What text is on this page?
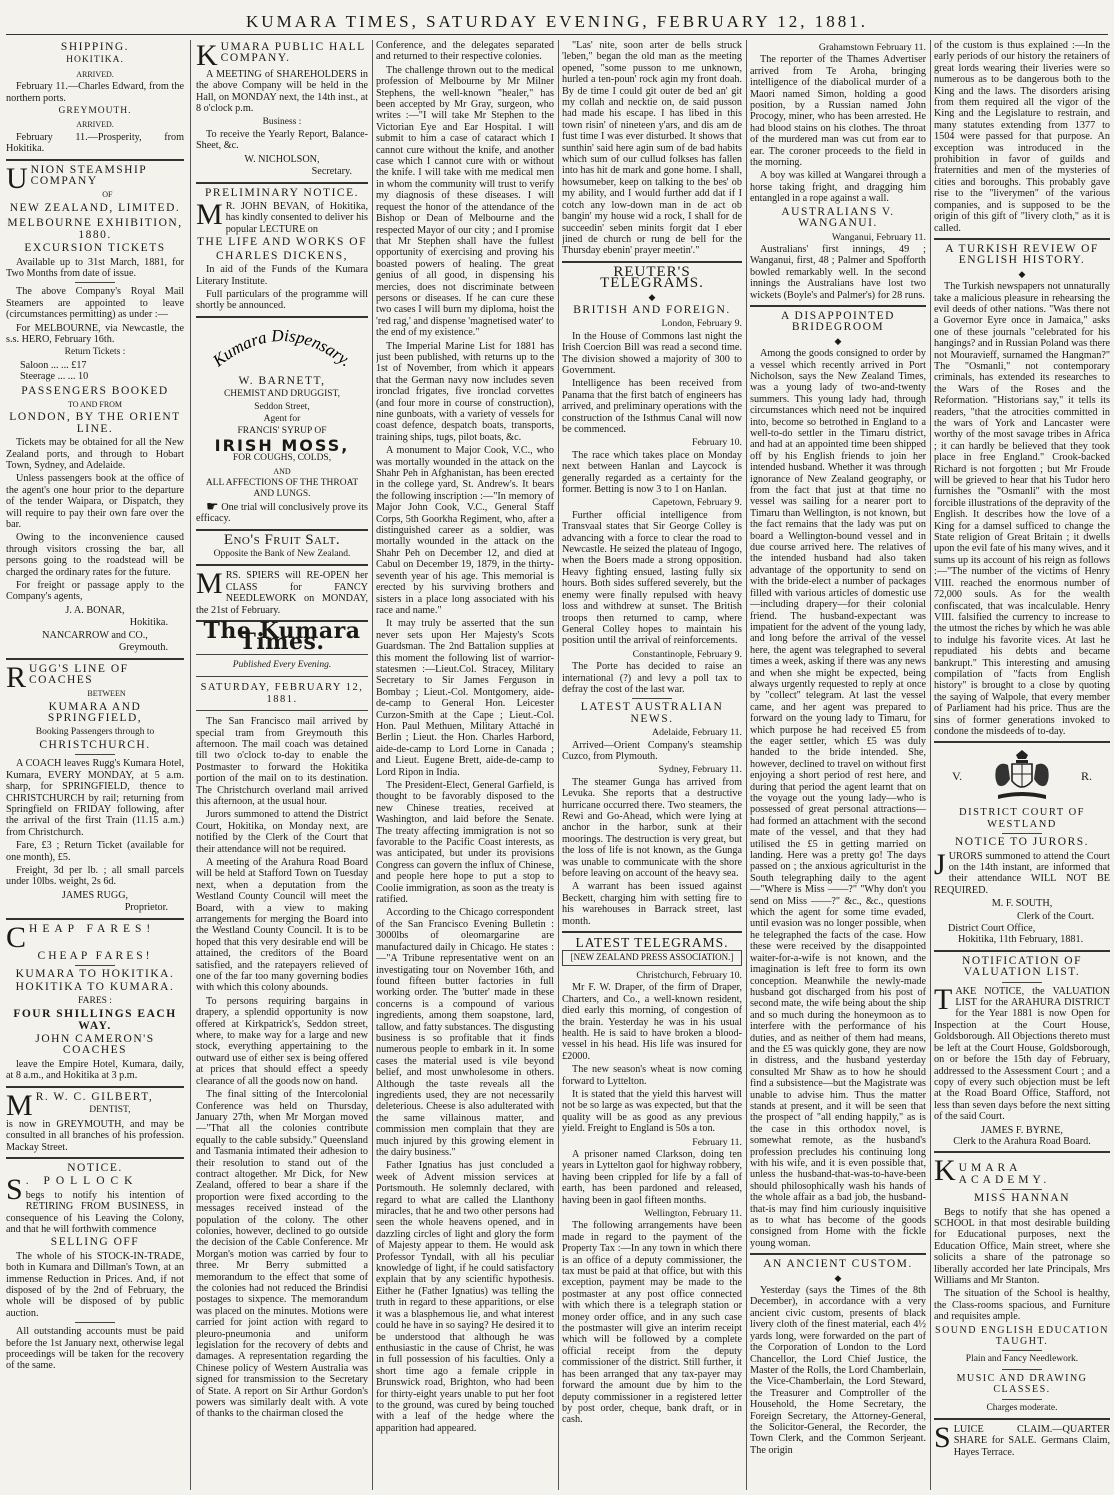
KUMARA TIMES, SATURDAY EVENING, FEBRUARY 12, 1881.
SHIPPING.
HOKITIKA.
ARRIVED.

February 11.—Charles Edward, from the northern ports.

GREYMOUTH.
ARRIVED.

February 11.—Prosperity, from Hokitika.

U NION STEAMSHIP COMPANY
OF
NEW ZEALAND, LIMITED.
MELBOURNE EXHIBITION, 1880.
EXCURSION TICKETS

Available up to 31st March, 1881, for Two Months from date of issue.

The above Company's Royal Mail Steamers are appointed to leave (circumstances permitting) as under :—

For MELBOURNE, via Newcastle, the s.s. HERO, February 16th.

Return Tickets :
Saloon ... ... £17
Steerage ... ... 10
PASSENGERS BOOKED
TO AND FROM
LONDON, BY THE ORIENT LINE.

Tickets may be obtained for all the New Zealand ports, and through to Hobart Town, Sydney, and Adelaide.

Unless passengers book at the office of the agent's one hour prior to the departure of the tender Waipara, or Dispatch, they will require to pay their own fare over the bar.

Owing to the inconvenience caused through visitors crossing the bar, all persons going to the roadstead will be charged the ordinary rates for the future.

For freight or passage apply to the Company's agents,

J. A. BONAR,
Hokitika.
NANCARROW and CO.,
Greymouth.
R UGG'S LINE OF COACHES
BETWEEN
KUMARA AND SPRINGFIELD,
Booking Passengers through to
CHRISTCHURCH.

A COACH leaves Rugg's Kumara Hotel, Kumara, EVERY MONDAY, at 5 a.m. sharp, for SPRINGFIELD, thence to CHRISTCHURCH by rail; returning from Springfield on FRIDAY following, after the arrival of the first Train (11.15 a.m.) from Christchurch.

Fare, £3 ; Return Ticket (available for one month), £5.

Freight, 3d per lb. ; all small parcels under 10lbs. weight, 2s 6d.

JAMES RUGG,
Proprietor.
C HEAP FARES!
CHEAP FARES!
KUMARA TO HOKITIKA.
HOKITIKA TO KUMARA.
FARES :
FOUR SHILLINGS EACH WAY.
JOHN CAMERON'S COACHES

leave the Empire Hotel, Kumara, daily, at 8 a.m., and Hokitika at 3 p.m.

M R. W. C. GILBERT,
DENTIST,

is now in GREYMOUTH, and may be consulted in all branches of his profession. Mackay Street.

NOTICE.
S . POLLOCK

begs to notify his intention of RETIRING FROM BUSINESS, in consequence of his Leaving the Colony, and that he will forthwith commence

SELLING OFF

The whole of his STOCK-IN-TRADE, both in Kumara and Dillman's Town, at an immense Reduction in Prices. And, if not disposed of by the 2nd of February, the whole will be disposed of by public auction.

All outstanding accounts must be paid before the 1st January next, otherwise legal proceedings will be taken for the recovery of the same.

K UMARA PUBLIC HALL COMPANY.

A MEETING of SHAREHOLDERS in the above Company will be held in the Hall, on MONDAY next, the 14th inst., at 8 o'clock p.m.

Business :

To receive the Yearly Report, Balance-Sheet, &c.

W. NICHOLSON,
Secretary.
PRELIMINARY NOTICE.
M R. JOHN BEVAN, of Hokitika, has kindly consented to deliver his popular LECTURE on

THE LIFE AND WORKS OF
CHARLES DICKENS,

In aid of the Funds of the Kumara Literary Institute.

Full particulars of the programme will shortly be announced.

Kumara Dispensary.
W. BARNETT,
CHEMIST AND DRUGGIST,
Seddon Street,
Agent for
FRANCIS' SYRUP OF
IRISH MOSS,
FOR COUGHS, COLDS,
AND
ALL AFFECTIONS OF THE THROAT AND LUNGS.

☛ One trial will conclusively prove its efficacy.

Eno's Fruit Salt.
Opposite the Bank of New Zealand.
M RS. SPIERS will RE-OPEN her CLASS for FANCY NEEDLEWORK on MONDAY, the 21st of February.

The Kumara Times.
Published Every Evening.
SATURDAY, FEBRUARY 12, 1881.

The San Francisco mail arrived by special tram from Greymouth this afternoon. The mail coach was detained till two o'clock to-day to enable the Postmaster to forward the Hokitika portion of the mail on to its destination. The Christchurch overland mail arrived this afternoon, at the usual hour.

Jurors summoned to attend the District Court, Hokitika, on Monday next, are notified by the Clerk of the Court that their attendance will not be required.

A meeting of the Arahura Road Board will be held at Stafford Town on Tuesday next, when a deputation from the Westland County Council will meet the Board, with a view to making arrangements for merging the Board into the Westland County Council. It is to be hoped that this very desirable end will be attained, the creditors of the Board satisfied, and the ratepayers relieved of one of the far too many governing bodies with which this colony abounds.

To persons requiring bargains in drapery, a splendid opportunity is now offered at Kirkpatrick's, Seddon street, where, to make way for a large and new stock, everything appertaining to the outward use of either sex is being offered at prices that should effect a speedy clearance of all the goods now on hand.

The final sitting of the Intercolonial Conference was held on Thursday, January 27th, when Mr Morgan moved—"That all the colonies contribute equally to the cable subsidy." Queensland and Tasmania intimated their adhesion to their resolution to stand out of the contract altogether. Mr Dick, for New Zealand, offered to bear a share if the proportion were fixed according to the messages received instead of the population of the colony. The other colonies, however, declined to go outside the decision of the Cable Conference. Mr Morgan's motion was carried by four to three. Mr Berry submitted a memorandum to the effect that some of the colonies had not reduced the Brindisi postages to sixpence. The memorandum was placed on the minutes. Motions were carried for joint action with regard to pleuro-pneumonia and uniform legislation for the recovery of debts and damages. A representation regarding the Chinese policy of Western Australia was signed for transmission to the Secretary of State. A report on Sir Arthur Gordon's powers was similarly dealt with. A vote of thanks to the chairman closed the

Conference, and the delegates separated and returned to their respective colonies.

The challenge thrown out to the medical profession of Melbourne by Mr Milner Stephens, the well-known "healer," has been accepted by Mr Gray, surgeon, who writes :—"I will take Mr Stephen to the Victorian Eye and Ear Hospital. I will submit to him a case of cataract which I cannot cure without the knife, and another case which I cannot cure with or without the knife. I will take with me medical men in whom the community will trust to verify my diagnosis of these diseases. I will request the honor of the attendance of the Bishop or Dean of Melbourne and the respected Mayor of our city ; and I promise that Mr Stephen shall have the fullest opportunity of exercising and proving his boasted powers of healing. The great genius of all good, in dispensing his mercies, does not discriminate between persons or diseases. If he can cure these two cases I will burn my diploma, hoist the 'red rag,' and dispense 'magnetised water' to the end of my existence."

The Imperial Marine List for 1881 has just been published, with returns up to the 1st of November, from which it appears that the German navy now includes seven ironclad frigates, five ironclad corvettes (and four more in course of construction), nine gunboats, with a variety of vessels for coast defence, despatch boats, transports, training ships, tugs, pilot boats, &c.

A monument to Major Cook, V.C., who was mortally wounded in the attack on the Shahr Peh in Afghanistan, has been erected in the college yard, St. Andrew's. It bears the following inscription :—"In memory of Major John Cook, V.C., General Staff Corps, 5th Goorkha Regiment, who, after a distinguished career as a soldier, was mortally wounded in the attack on the Shahr Peh on December 12, and died at Cabul on December 19, 1879, in the thirty-seventh year of his age. This memorial is erected by his surviving brothers and sisters in a place long associated with his race and name."

It may truly be asserted that the sun never sets upon Her Majesty's Scots Guardsman. The 2nd Battalion supplies at this moment the following list of warrior-statesmen :—Lieut.Col. Stracey, Military Secretary to Sir James Ferguson in Bombay ; Lieut.-Col. Montgomery, aide-de-camp to General Hon. Leicester Curzon-Smith at the Cape ; Lieut.-Col. Hon. Paul Methuen, Military Attaché in Berlin ; Lieut. the Hon. Charles Harbord, aide-de-camp to Lord Lorne in Canada ; and Lieut. Eugene Brett, aide-de-camp to Lord Ripon in India.

The President-Elect, General Garfield, is thought to be favorably disposed to the new Chinese treaties, received at Washington, and laid before the Senate. The treaty affecting immigration is not so favorable to the Pacific Coast interests, as was anticipated, but under its provisions Congress can govern the influx of Chinese, and people here hope to put a stop to Coolie immigration, as soon as the treaty is ratified.

According to the Chicago correspondent of the San Francisco Evening Bulletin : 3000lbs of oleomargarine are manufactured daily in Chicago. He states :—"A Tribune representative went on an investigating tour on November 16th, and found fifteen butter factories in full working order. The 'butter' made in these concerns is a compound of various ingredients, among them soapstone, lard, tallow, and fatty substances. The disgusting business is so profitable that it finds numerous people to embark in it. In some cases the material used is vile beyond belief, and most unwholesome in others. Although the taste reveals all the ingredients used, they are not necessarily deleterious. Cheese is also adulterated with the same villainous matter, and commission men complain that they are much injured by this growing element in the dairy business."

Father Ignatius has just concluded a week of Advent mission services at Portsmouth. He solemnly declared, with regard to what are called the Llanthony miracles, that he and two other persons had seen the whole heavens opened, and in dazzling circles of light and glory the form of Majesty appear to them. He would ask Professor Tyndall, with all his peculiar knowledge of light, if he could satisfactory explain that by any scientific hypothesis. Either he (Father Ignatius) was telling the truth in regard to these apparitions, or else it was a blasphemous lie, and what interest could he have in so saying? He desired it to be understood that although he was enthusiastic in the cause of Christ, he was in full possession of his faculties. Only a short time ago a female cripple in Brunswick road, Brighton, who had been for thirty-eight years unable to put her foot to the ground, was cured by being touched with a leaf of the hedge where the apparition had appeared.

"Las' nite, soon arter de bells struck 'leben," began the old man as the meeting opened, "some pusson to me unknown, hurled a ten-poun' rock agin my front doah. By de time I could git outer de bed an' git my collah and necktie on, de said pusson had made his escape. I has libed in this town risin' of nineteen y'ars, and dis am de fust time I was ever disturbed. It shows that sunthin' said here agin sum of de bad habits which sum of our cullud folkses has fallen into has hit de mark and gone home. I shall, howsumeber, keep on talking to the bes' ob my ability, and I would further add dat if I cotch any low-down man in de act ob bangin' my house wid a rock, I shall for de succeedin' seben minits forgit dat I eber jined de church or rung de bell for the Thursday ebenin' prayer meetin'."

REUTER'S TELEGRAMS.
◆
BRITISH AND FOREIGN.
London, February 9.

In the House of Commons last night the Irish Coercion Bill was read a second time. The division showed a majority of 300 to Government.

Intelligence has been received from Panama that the first batch of engineers has arrived, and preliminary operations with the construction of the Isthmus Canal will now be commenced.

February 10.

The race which takes place on Monday next between Hanlan and Laycock is generally regarded as a certainty for the former. Betting is now 3 to 1 on Hanlan.

Capetown, February 9.

Further official intelligence from Transvaal states that Sir George Colley is advancing with a force to clear the road to Newcastle. He seized the plateau of Ingogo, when the Boers made a strong opposition. Heavy fighting ensued, lasting fully six hours. Both sides suffered severely, but the enemy were finally repulsed with heavy loss and withdrew at sunset. The British troops then returned to camp, where General Colley hopes to maintain his position until the arrival of reinforcements.

Constantinople, February 9.

The Porte has decided to raise an international (?) and levy a poll tax to defray the cost of the last war.

LATEST AUSTRALIAN NEWS.
Adelaide, February 11.

Arrived—Orient Company's steamship Cuzco, from Plymouth.

Sydney, February 11.

The steamer Gunga has arrived from Levuka. She reports that a destructive hurricane occurred there. Two steamers, the Rewi and Go-Ahead, which were lying at anchor in the harbor, sunk at their moorings. The destruction is very great, but the loss of life is not known, as the Gunga was unable to communicate with the shore before leaving on account of the heavy sea.

A warrant has been issued against Beckett, charging him with setting fire to his warehouses in Barrack street, last month.

LATEST TELEGRAMS.
[NEW ZEALAND PRESS ASSOCIATION.]
Christchurch, February 10.

Mr F. W. Draper, of the firm of Draper, Charters, and Co., a well-known resident, died early this morning, of congestion of the brain. Yesterday he was in his usual health. He is said to have broken a blood-vessel in his head. His life was insured for £2000.

The new season's wheat is now coming forward to Lyttelton.

It is stated that the yield this harvest will not be so large as was expected, but that the quality will be as good as any previous yield. Freight to England is 50s a ton.

February 11.

A prisoner named Clarkson, doing ten years in Lyttelton gaol for highway robbery, having been crippled for life by a fall of earth, has been pardoned and released, having been in gaol fifteen months.

Wellington, February 11.

The following arrangements have been made in regard to the payment of the Property Tax :—In any town in which there is an office of a deputy commissioner, the tax must be paid at that office, but with this exception, payment may be made to the postmaster at any post office connected with which there is a telegraph station or money order office, and in any such case the postmaster will give an interim receipt which will be followed by a complete official receipt from the deputy commissioner of the district. Still further, it has been arranged that any tax-payer may forward the amount due by him to the deputy commissioner in a registered letter by post order, cheque, bank draft, or in cash.

Grahamstown February 11.

The reporter of the Thames Advertiser arrived from Te Aroha, bringing intelligence of the diabolical murder of a Maori named Simon, holding a good position, by a Russian named John Procogy, miner, who has been arrested. He had blood stains on his clothes. The throat of the murdered man was cut from ear to ear. The coroner proceeds to the field in the morning.

A boy was killed at Wangarei through a horse taking fright, and dragging him entangled in a rope against a wall.

AUSTRALIANS V. WANGANUI.
Wanganui, February 11.

Australians' first innings, 49 ; Wanganui, first, 48 ; Palmer and Spofforth bowled remarkably well. In the second innings the Australians have lost two wickets (Boyle's and Palmer's) for 28 runs.

A DISAPPOINTED BRIDEGROOM
◆

Among the goods consigned to order by a vessel which recently arrived in Port Nicholson, says the New Zealand Times, was a young lady of two-and-twenty summers. This young lady had, through circumstances which need not be inquired into, become so betrothed in England to a well-to-do settler in the Timaru district, and had at an appointed time been shipped off by his English friends to join her intended husband. Whether it was through ignorance of New Zealand geography, or from the fact that just at that time no vessel was sailing for a nearer port to Timaru than Wellington, is not known, but the fact remains that the lady was put on board a Wellington-bound vessel and in due course arrived here. The relatives of the intended husband had also taken advantage of the opportunity to send on with the bride-elect a number of packages filled with various articles of domestic use—including drapery—for their colonial friend. The husband-expectant was impatient for the advent of the young lady, and long before the arrival of the vessel here, the agent was telegraphed to several times a week, asking if there was any news and when she might be expected, being always urgently requested to reply at once by "collect" telegram. At last the vessel came, and her agent was prepared to forward on the young lady to Timaru, for which purpose he had received £5 from the eager settler, which £5 was duly handed to the bride intended. She, however, declined to travel on without first enjoying a short period of rest here, and during that period the agent learnt that on the voyage out the young lady—who is possessed of great personal attractions—had formed an attachment with the second mate of the vessel, and that they had utilised the £5 in getting married on landing. Here was a pretty go! The days passed on ; the anxious agriculturist in the South telegraphing daily to the agent—"Where is Miss ——?" "Why don't you send on Miss ——?" &c., &c., questions which the agent for some time evaded, until evasion was no longer possible, when he telegraphed the facts of the case. How these were received by the disappointed waiter-for-a-wife is not known, and the imagination is left free to form its own conception. Meanwhile the newly-made husband got discharged from his post of second mate, the wife being about the ship and so much during the honeymoon as to interfere with the performance of his duties, and as neither of them had means, and the £5 was quickly gone, they are now in distress, and the husband yesterday consulted Mr Shaw as to how he should find a subsistence—but the Magistrate was unable to advise him. Thus the matter stands at present, and it will be seen that the prospect of "all ending happily," as is the case in this orthodox novel, is somewhat remote, as the husband's profession precludes his continuing long with his wife, and it is even possible that, unless the husband-that-was-to-have-been should philosophically wash his hands of the whole affair as a bad job, the husband-that-is may find him curiously inquisitive as to what has become of the goods consigned from Home with the fickle young woman.

AN ANCIENT CUSTOM.
◆

Yesterday (says the Times of the 8th December), in accordance with a very ancient civic custom, presents of black livery cloth of the finest material, each 4½ yards long, were forwarded on the part of the Corporation of London to the Lord Chancellor, the Lord Chief Justice, the Master of the Rolls, the Lord Chamberlain, the Vice-Chamberlain, the Lord Steward, the Treasurer and Comptroller of the Household, the Home Secretary, the Foreign Secretary, the Attorney-General, the Solicitor-General, the Recorder, the Town Clerk, and the Common Serjeant. The origin

of the custom is thus explained :—In the early periods of our history the retainers of great lords wearing their liveries were so numerous as to be dangerous both to the King and the laws. The disorders arising from them required all the vigor of the King and the Legislature to restrain, and many statutes extending from 1377 to 1504 were passed for that purpose. An exception was introduced in the prohibition in favor of guilds and fraternities and men of the mysteries of cities and boroughs. This probably gave rise to the "liverymen" of the various companies, and is supposed to be the origin of this gift of "livery cloth," as it is called.

A TURKISH REVIEW OF ENGLISH HISTORY.
◆

The Turkish newspapers not unnaturally take a malicious pleasure in rehearsing the evil deeds of other nations. "Was there not a Governor Eyre once in Jamaica," asks one of these journals "celebrated for his hangings? and in Russian Poland was there not Mouravieff, surnamed the Hangman?" The "Osmanli," not contemporary criminals, has extended its researches to the Wars of the Roses and the Reformation. "Historians say," it tells its readers, "that the atrocities committed in the wars of York and Lancaster were worthy of the most savage tribes in Africa ; it can hardly be believed that they took place in free England." Crook-backed Richard is not forgotten ; but Mr Froude will be grieved to hear that his Tudor hero furnishes the "Osmanli" with the most forcible illustrations of the depravity of the English. It describes how the love of a King for a damsel sufficed to change the State religion of Great Britain ; it dwells upon the evil fate of his many wives, and it sums up its account of his reign as follows :—"The number of the victims of Henry VIII. reached the enormous number of 72,000 souls. As for the wealth confiscated, that was incalculable. Henry VIII. falsified the currency to increase to the utmost the riches by which he was able to indulge his favorite vices. At last he repudiated his debts and became bankrupt." This interesting and amusing compilation of "facts from English history" is brought to a close by quoting the saying of Walpole, that every member of Parliament had his price. Thus are the sins of former generations invoked to condone the misdeeds of to-day.

V.	R.
DISTRICT COURT OF WESTLAND
NOTICE TO JURORS.
J URORS summoned to attend the Court on the 14th instant, are informed that their attendance WILL NOT BE REQUIRED.

M. F. SOUTH,
Clerk of the Court.
District Court Office,
Hokitika, 11th February, 1881.
NOTIFICATION OF VALUATION LIST.
T AKE NOTICE, the VALUATION LIST for the ARAHURA DISTRICT for the Year 1881 is now Open for Inspection at the Court House, Goldsborough. All Objections thereto must be left at the Court House, Goldsborough, on or before the 15th day of February, addressed to the Assessment Court ; and a copy of every such objection must be left at the Road Board Office, Stafford, not less than seven days before the next sitting of the said Court.

JAMES F. BYRNE,
Clerk to the Arahura Road Board.
K UMARA ACADEMY.
MISS HANNAN

Begs to notify that she has opened a SCHOOL in that most desirable building for Educational purposes, next the Education Office, Main street, where she solicits a share of the patronage so liberally accorded her late Principals, Mrs Williams and Mr Stanton.

The situation of the School is healthy, the Class-rooms spacious, and Furniture and requisites ample.

SOUND ENGLISH EDUCATION TAUGHT.
Plain and Fancy Needlework.
MUSIC AND DRAWING CLASSES.
Charges moderate.
S LUICE CLAIM.—QUARTER SHARE for SALE. Germans Claim, Hayes Terrace.
